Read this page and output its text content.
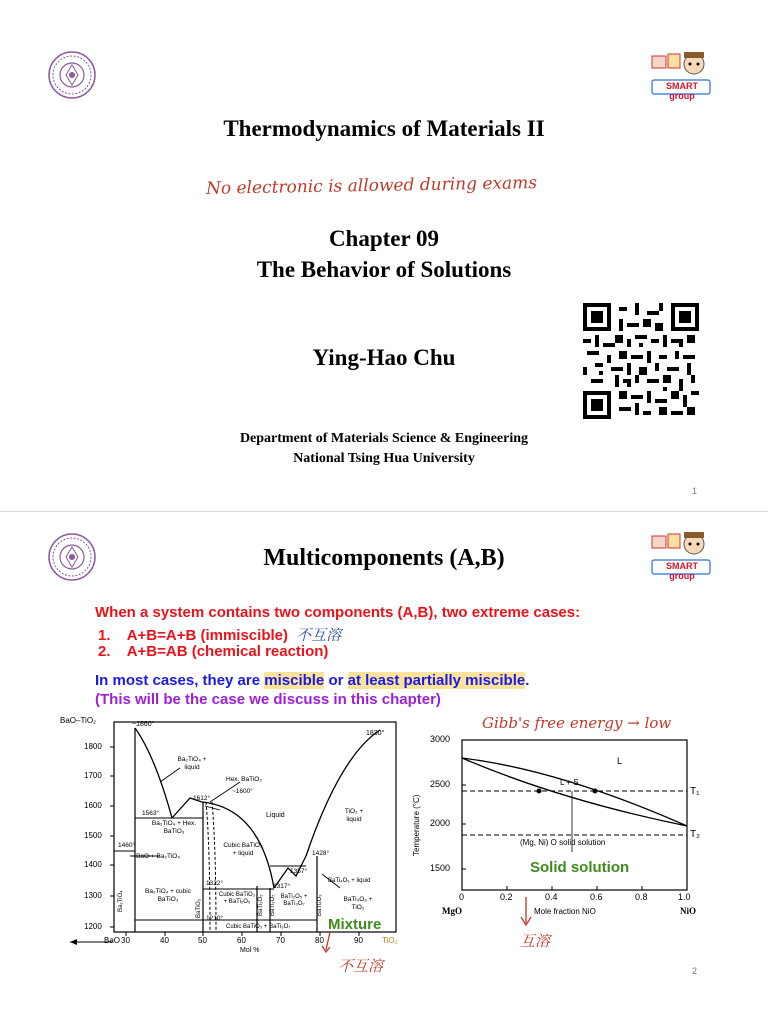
SMART group
Thermodynamics of Materials II
No electronic is allowed during exams
Chapter 09
The Behavior of Solutions
Ying-Hao Chu
Department of Materials Science & Engineering
National Tsing Hua University
1
SMART group
Multicomponents (A,B)
When a system contains two components (A,B), two extreme cases:
1. A+B=A+B (immiscible) 不互溶
2. A+B=AB (chemical reaction)
In most cases, they are miscible or at least partially miscible.
(This will be the case we discuss in this chapter)
BaO–TiO₂
1800
1700
1600
1500
1400
1300
1200
BaO 30	40	50	60	70	80	90 TiO₂
Mol %
~1860°
1830°
Ba₂TiO₄ + liquid
Hex. BaTiO₃
1612°
~1600°
Liquid
1563°
Ba₂TiO₄ + Hex. BaTiO₃
TiO₂ + liquid
1460°
BaO + Ba₂TiO₄
Cubic BaTiO₃ + liquid	1428°
1357°
BaTi₄O₉ + liquid
1322°	1317°
Ba₂TiO₄ + cubic BaTiO₃
Cubic BaTiO₃ + BaTi₂O₅
BaTi₂O₅ + BaTi₃O₇
BaTi₄O₉ + TiO₂
1210°
Cubic BaTiO₃ + BaTi₃O₇
Ba₂TiO₄	BaTiO₃	BaTi₂O₅ BaTi₃O₇	BaTi₄O₉
Mixture
不互溶
Gibb's free energy → low
3000
2500
2000
1500
Temperature (°C)
0	0.2	0.4	0.6	0.8	1.0
MgO	Mole fraction NiO	NiO
L
L + S
(Mg, Ni) O solid solution
T₁
T₂
Solid solution
互溶
2
